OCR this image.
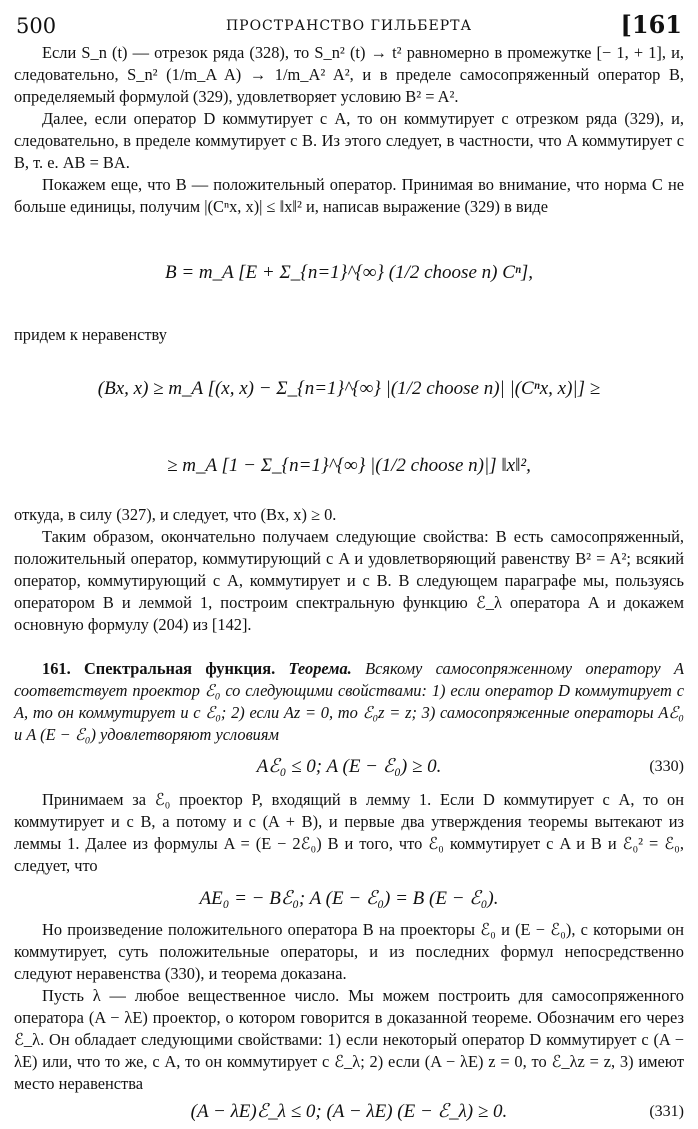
500	ПРОСТРАНСТВО ГИЛЬБЕРТА	[161

Если S_n (t) — отрезок ряда (328), то S_n² (t) → t² равномерно в промежутке [− 1, + 1], и, следовательно, S_n² (1/m_A A) → 1/m_A² A², и в пределе самосопряженный оператор B, определяемый формулой (329), удовлетворяет условию B² = A².

Далее, если оператор D коммутирует с A, то он коммутирует с отрезком ряда (329), и, следовательно, в пределе коммутирует с B. Из этого следует, в частности, что A коммутирует с B, т. е. AB = BA.

Покажем еще, что B — положительный оператор. Принимая во внимание, что норма C не больше единицы, получим |(Cⁿx, x)| ≤ ‖x‖² и, написав выражение (329) в виде

B = m_A [E + Σ_{n=1}^{∞} (1/2 choose n) Cⁿ],

придем к неравенству

(Bx, x) ≥ m_A [(x, x) − Σ_{n=1}^{∞} |(1/2 choose n)| |(Cⁿx, x)|] ≥
≥ m_A [1 − Σ_{n=1}^{∞} |(1/2 choose n)|] ‖x‖²,

откуда, в силу (327), и следует, что (Bx, x) ≥ 0.

Таким образом, окончательно получаем следующие свойства: B есть самосопряженный, положительный оператор, коммутирующий с A и удовлетворяющий равенству B² = A²; всякий оператор, коммутирующий с A, коммутирует и с B. В следующем параграфе мы, пользуясь оператором B и леммой 1, построим спектральную функцию ℰ_λ оператора A и докажем основную формулу (204) из [142].

161. Спектральная функция. Теорема. Всякому самосопряженному оператору A соответствует проектор ℰ₀ со следующими свойствами: 1) если оператор D коммутирует с A, то он коммутирует и с ℰ₀; 2) если Az = 0, то ℰ₀z = z; 3) самосопряженные операторы Aℰ₀ и A (E − ℰ₀) удовлетворяют условиям

Aℰ₀ ≤ 0; A (E − ℰ₀) ≥ 0.	(330)

Принимаем за ℰ₀ проектор P, входящий в лемму 1. Если D коммутирует с A, то он коммутирует и с B, а потому и с (A + B), и первые два утверждения теоремы вытекают из леммы 1. Далее из формулы A = (E − 2ℰ₀) B и того, что ℰ₀ коммутирует с A и B и ℰ₀² = ℰ₀, следует, что

AE₀ = − Bℰ₀; A (E − ℰ₀) = B (E − ℰ₀).

Но произведение положительного оператора B на проекторы ℰ₀ и (E − ℰ₀), с которыми он коммутирует, суть положительные операторы, и из последних формул непосредственно следуют неравенства (330), и теорема доказана.

Пусть λ — любое вещественное число. Мы можем построить для самосопряженного оператора (A − λE) проектор, о котором говорится в доказанной теореме. Обозначим его через ℰ_λ. Он обладает следующими свойствами: 1) если некоторый оператор D коммутирует с (A − λE) или, что то же, с A, то он коммутирует с ℰ_λ; 2) если (A − λE) z = 0, то ℰ_λz = z, 3) имеют место неравенства

(A − λE)ℰ_λ ≤ 0; (A − λE) (E − ℰ_λ) ≥ 0.	(331)
